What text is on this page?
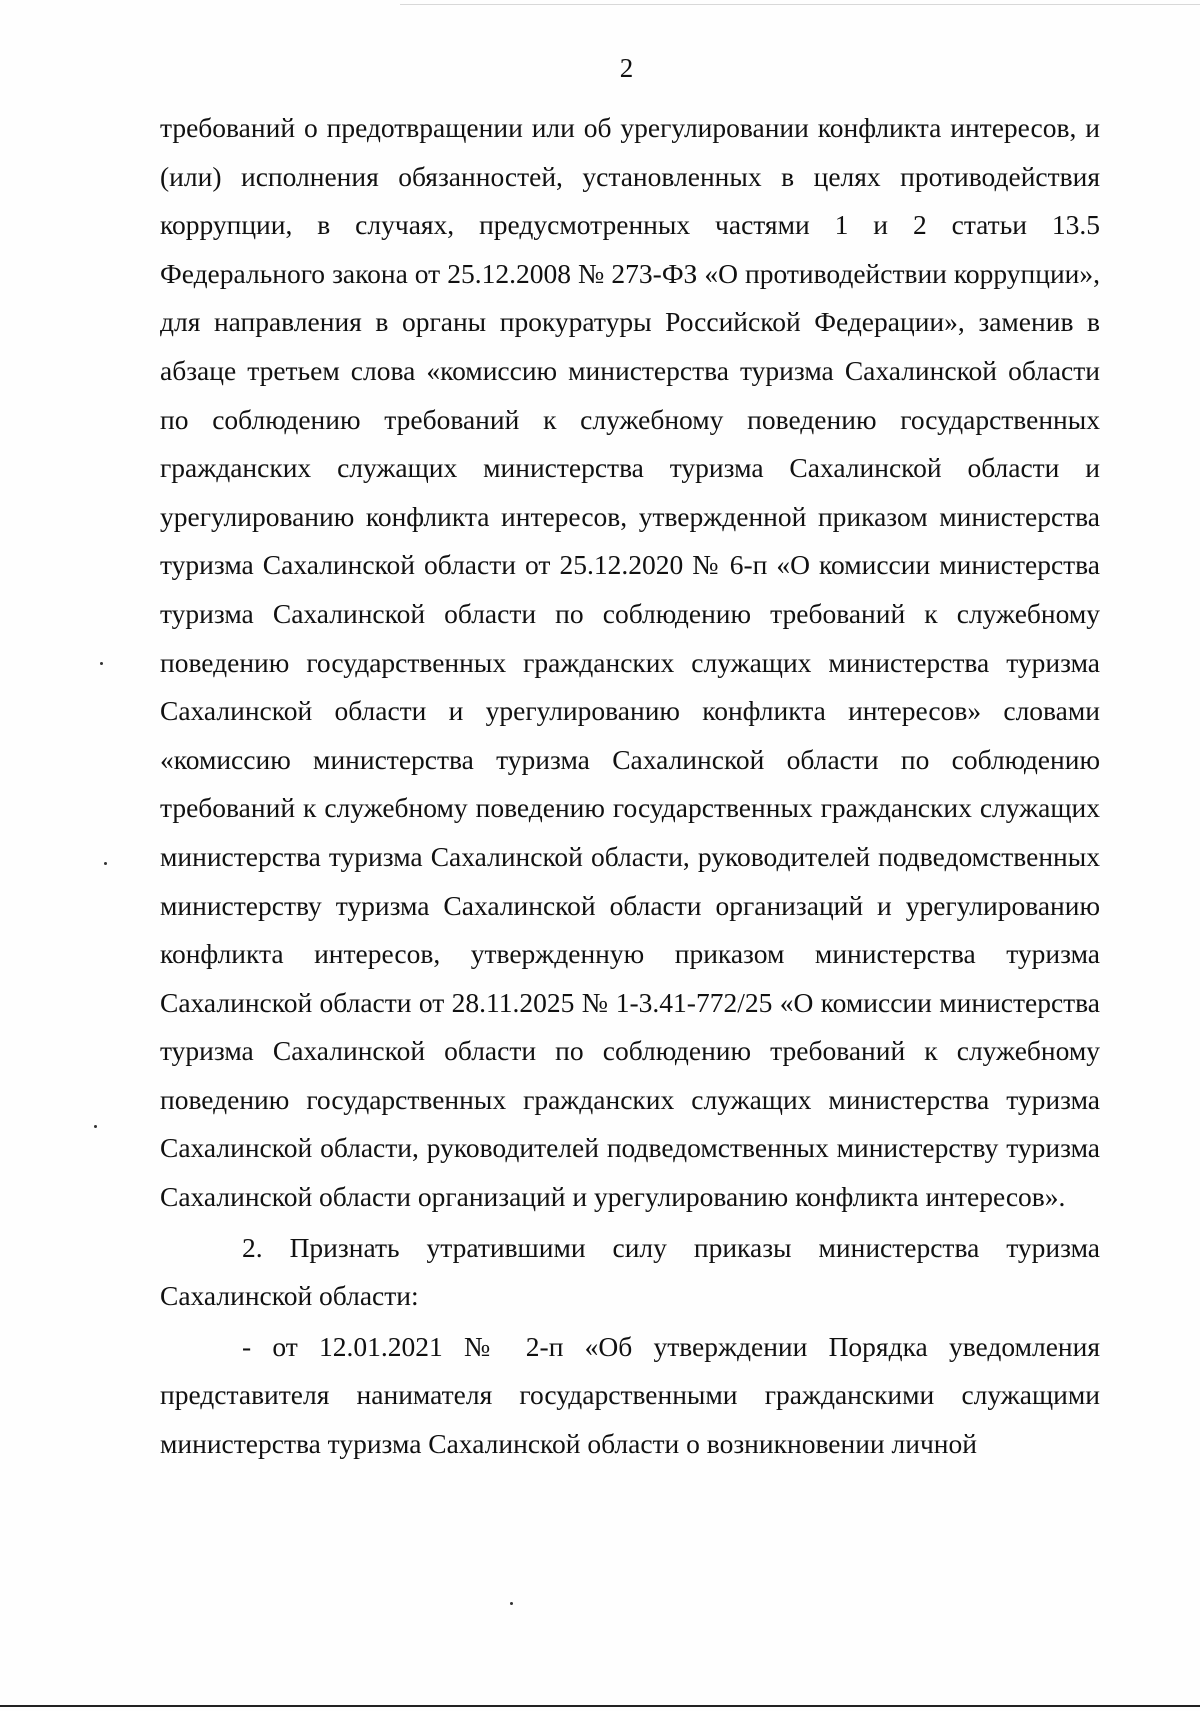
2

требований о предотвращении или об урегулировании конфликта интересов, и (или) исполнения обязанностей, установленных в целях противодействия коррупции, в случаях, предусмотренных частями 1 и 2 статьи 13.5 Федерального закона от 25.12.2008 № 273-ФЗ «О противодействии коррупции», для направления в органы прокуратуры Российской Федерации», заменив в абзаце третьем слова «комиссию министерства туризма Сахалинской области по соблюдению требований к служебному поведению государственных гражданских служащих министерства туризма Сахалинской области и урегулированию конфликта интересов, утвержденной приказом министерства туризма Сахалинской области от 25.12.2020 № 6-п «О комиссии министерства туризма Сахалинской области по соблюдению требований к служебному поведению государственных гражданских служащих министерства туризма Сахалинской области и урегулированию конфликта интересов» словами «комиссию министерства туризма Сахалинской области по соблюдению требований к служебному поведению государственных гражданских служащих министерства туризма Сахалинской области, руководителей подведомственных министерству туризма Сахалинской области организаций и урегулированию конфликта интересов, утвержденную приказом министерства туризма Сахалинской области от 28.11.2025 № 1-3.41-772/25 «О комиссии министерства туризма Сахалинской области по соблюдению требований к служебному поведению государственных гражданских служащих министерства туризма Сахалинской области, руководителей подведомственных министерству туризма Сахалинской области организаций и урегулированию конфликта интересов».

2. Признать утратившими силу приказы министерства туризма Сахалинской области:

- от 12.01.2021 № 2-п «Об утверждении Порядка уведомления представителя нанимателя государственными гражданскими служащими министерства туризма Сахалинской области о возникновении личной
